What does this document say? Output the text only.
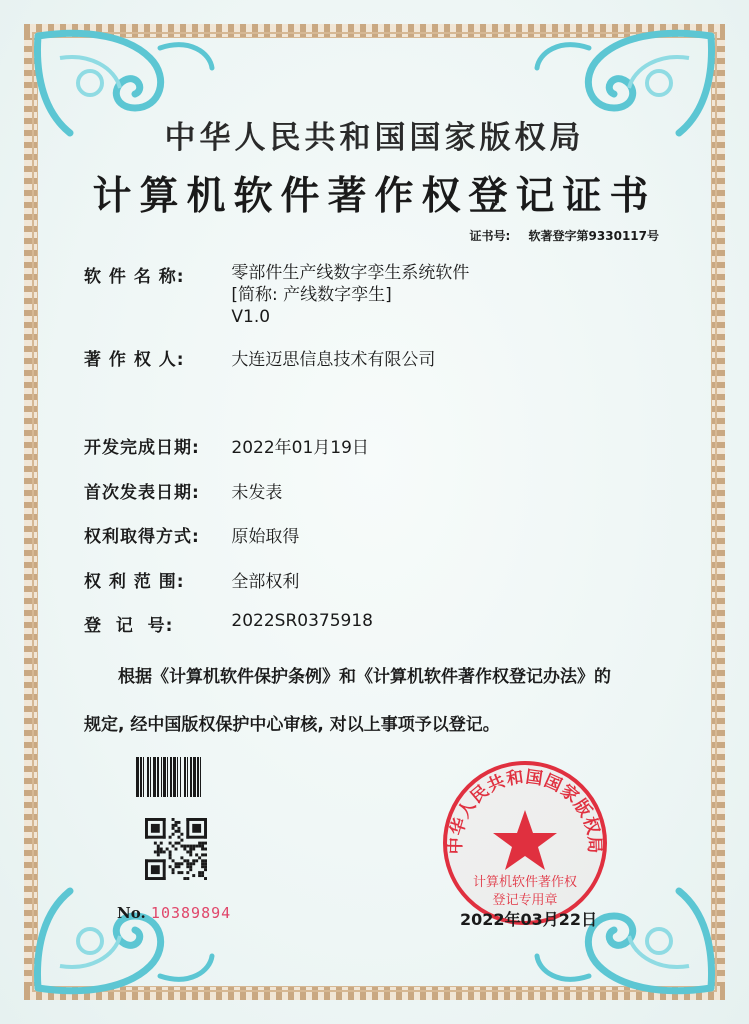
中华人民共和国国家版权局
计算机软件著作权登记证书
证书号: 软著登字第9330117号
软 件 名 称:	零部件生产线数字孪生系统软件
[简称: 产线数字孪生]
V1.0
著 作 权 人:	大连迈思信息技术有限公司
开发完成日期: 2022年01月19日
首次发表日期: 未发表
权利取得方式: 原始取得
权 利 范 围:	全部权利
登  记  号:	2022SR0375918
根据《计算机软件保护条例》和《计算机软件著作权登记办法》的
规定, 经中国版权保护中心审核, 对以上事项予以登记。
No. 10389894
中华人民共和国国家版权局
计算机软件著作权
登记专用章
2022年03月22日
